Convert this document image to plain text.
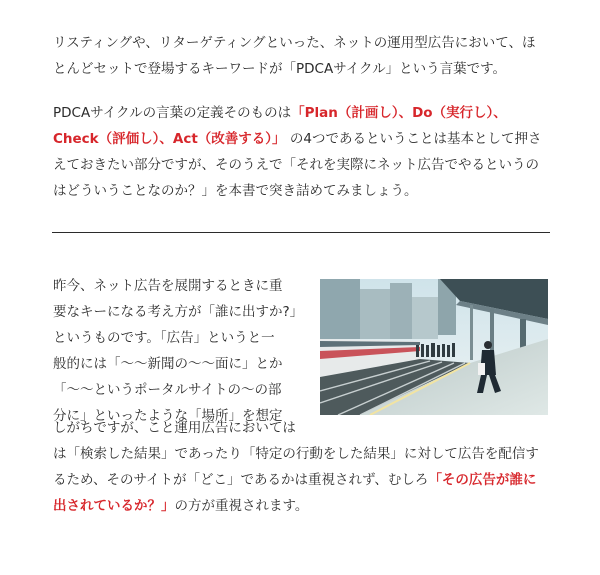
リスティングや、リターゲティングといった、ネットの運用型広告において、ほ
とんどセットで登場するキーワードが「PDCAサイクル」という言葉です。

PDCAサイクルの言葉の定義そのものは「Plan（計画し）、Do（実行し）、
Check（評価し）、Act（改善する）」 の4つであるということは基本として押さ
えておきたい部分ですが、そのうえで「それを実際にネット広告でやるというの
はどういうことなのか？」を本書で突き詰めてみましょう。

昨今、ネット広告を展開するときに重
要なキーになる考え方が「誰に出すか?」
というものです。「広告」というと一
般的には「〜〜新聞の〜〜面に」とか
「〜〜というポータルサイトの〜の部
分に」といったような「場所」を想定

しがちですが、こと運用広告においては

は「検索した結果」であったり「特定の行動をした結果」に対して広告を配信す
るため、そのサイトが「どこ」であるかは重視されず、むしろ「その広告が誰に
出されているか？」の方が重視されます。
